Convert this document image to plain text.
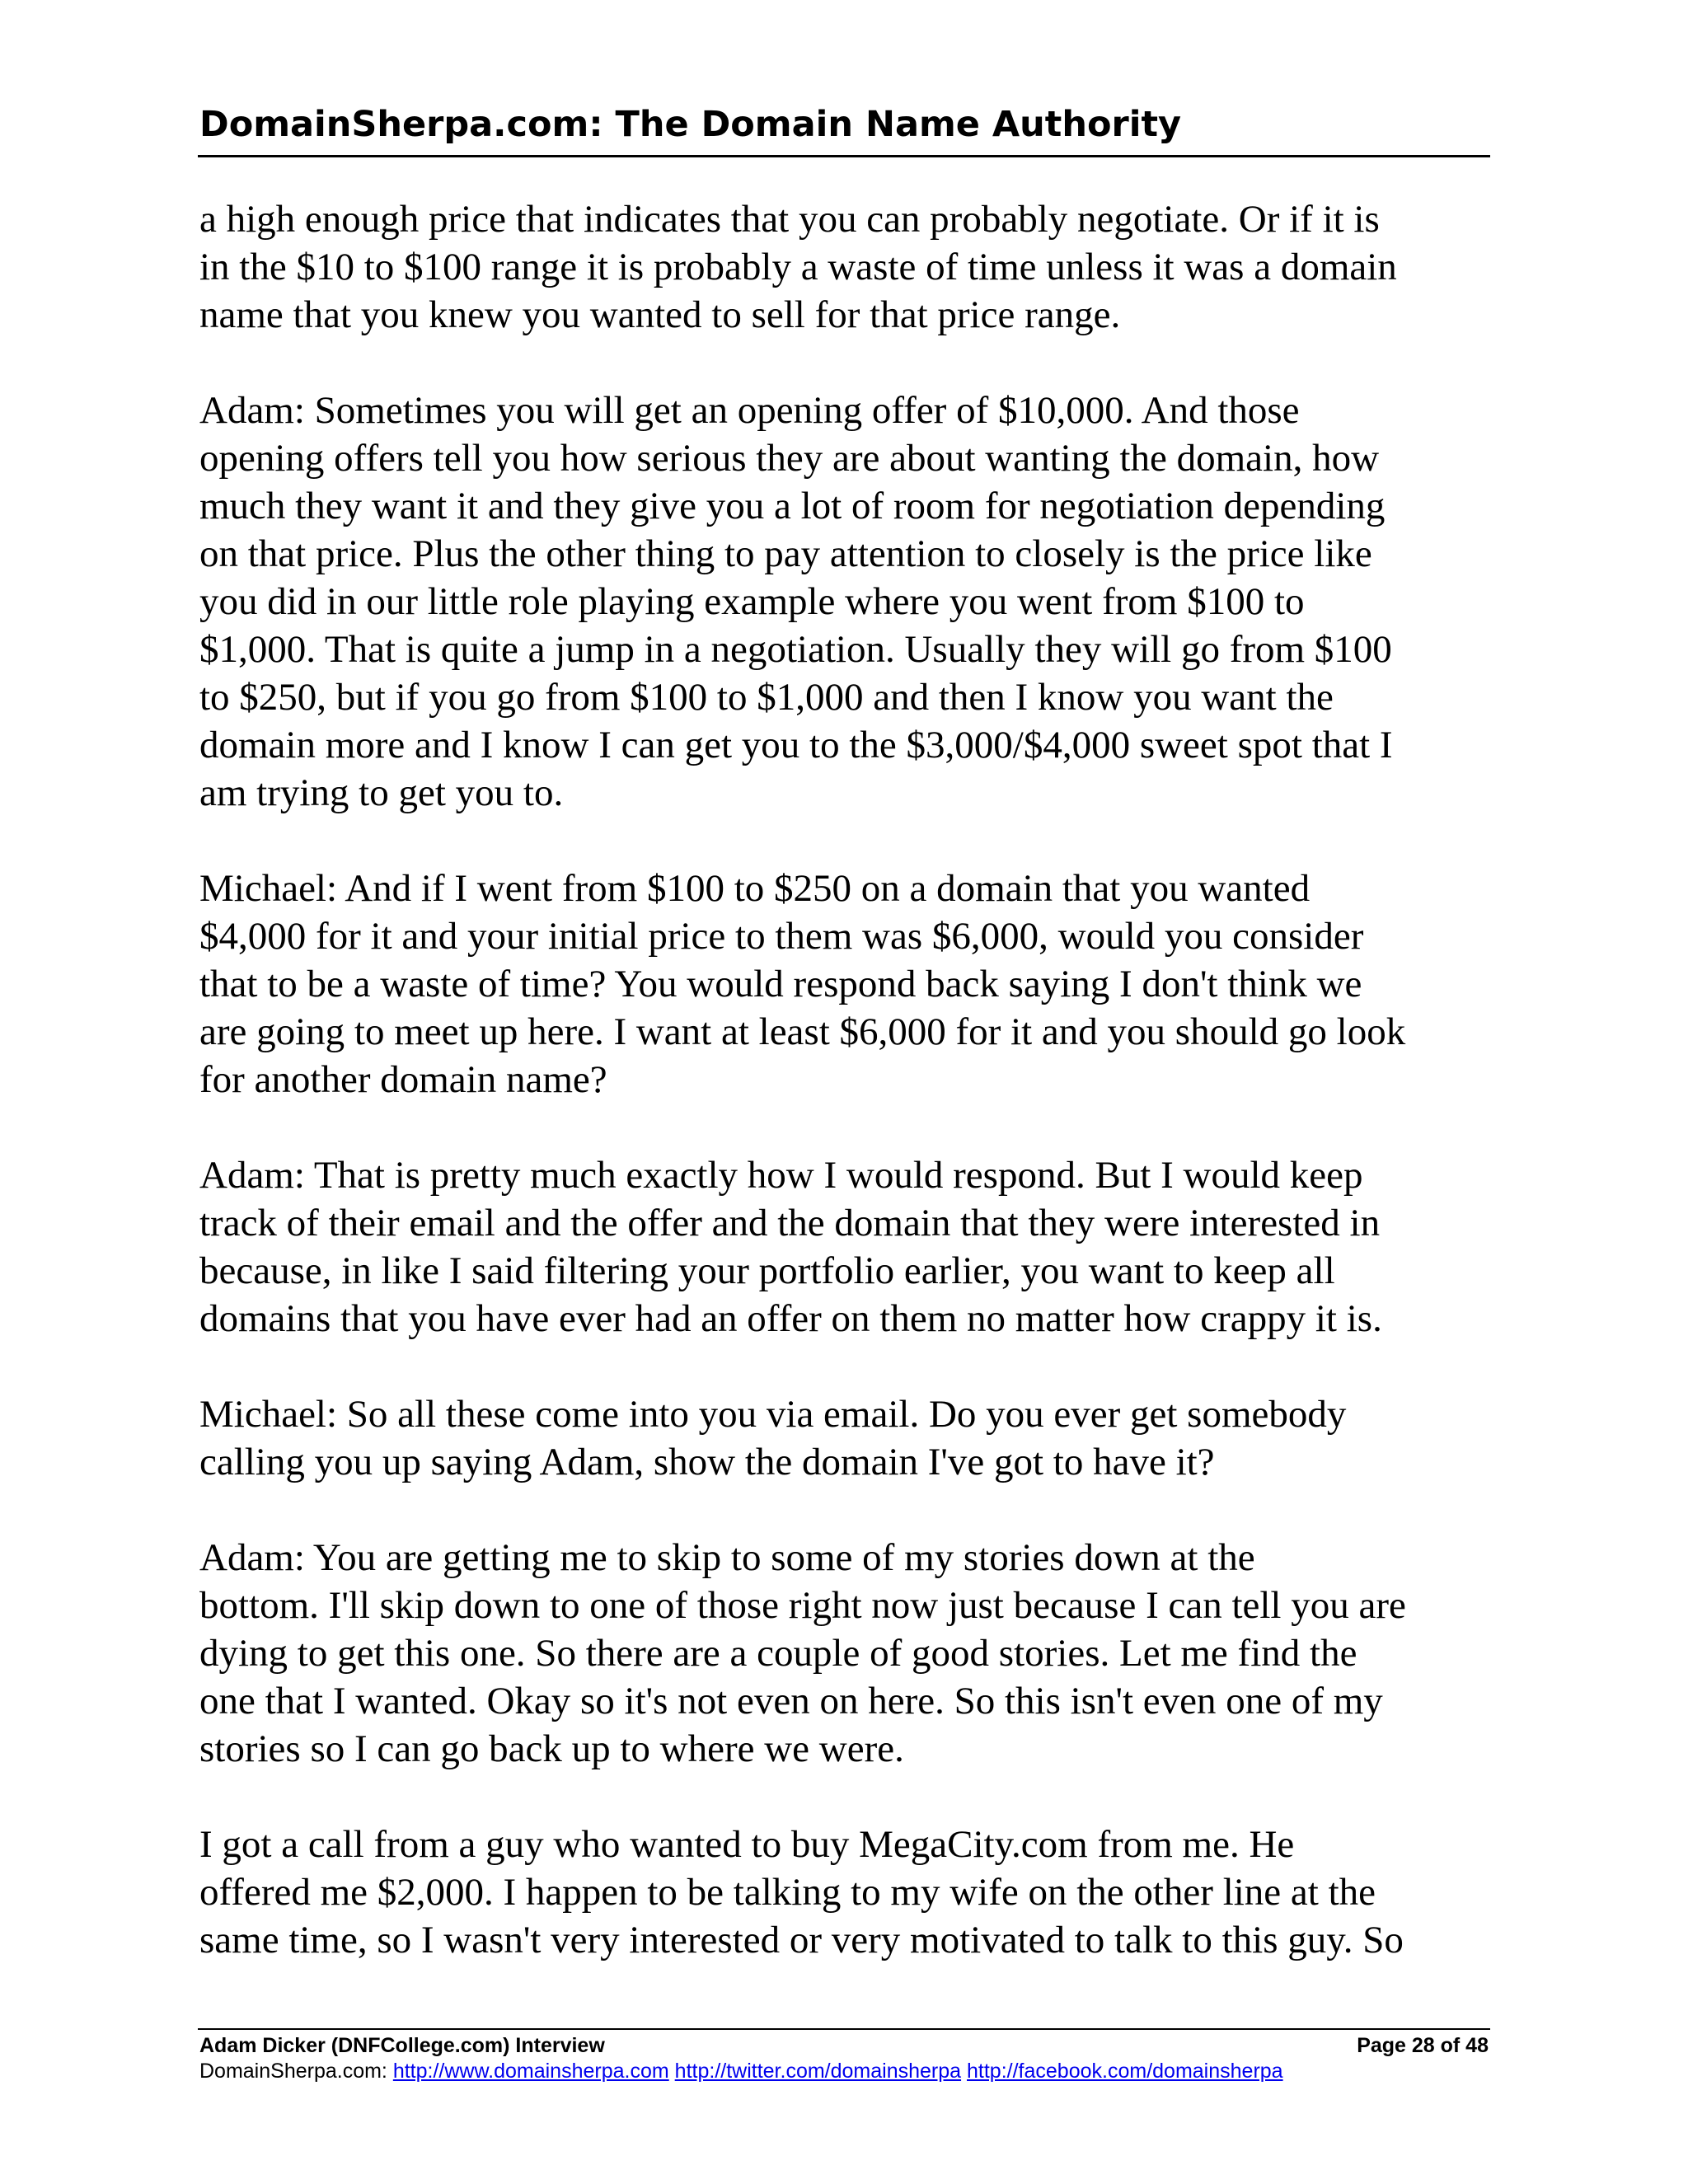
DomainSherpa.com: The Domain Name Authority

a high enough price that indicates that you can probably negotiate. Or if it is
in the $10 to $100 range it is probably a waste of time unless it was a domain
name that you knew you wanted to sell for that price range.

Adam: Sometimes you will get an opening offer of $10,000. And those
opening offers tell you how serious they are about wanting the domain, how
much they want it and they give you a lot of room for negotiation depending
on that price. Plus the other thing to pay attention to closely is the price like
you did in our little role playing example where you went from $100 to
$1,000. That is quite a jump in a negotiation. Usually they will go from $100
to $250, but if you go from $100 to $1,000 and then I know you want the
domain more and I know I can get you to the $3,000/$4,000 sweet spot that I
am trying to get you to.

Michael: And if I went from $100 to $250 on a domain that you wanted
$4,000 for it and your initial price to them was $6,000, would you consider
that to be a waste of time? You would respond back saying I don't think we
are going to meet up here. I want at least $6,000 for it and you should go look
for another domain name?

Adam: That is pretty much exactly how I would respond. But I would keep
track of their email and the offer and the domain that they were interested in
because, in like I said filtering your portfolio earlier, you want to keep all
domains that you have ever had an offer on them no matter how crappy it is.

Michael: So all these come into you via email. Do you ever get somebody
calling you up saying Adam, show the domain I've got to have it?

Adam: You are getting me to skip to some of my stories down at the
bottom. I'll skip down to one of those right now just because I can tell you are
dying to get this one. So there are a couple of good stories. Let me find the
one that I wanted. Okay so it's not even on here. So this isn't even one of my
stories so I can go back up to where we were.

I got a call from a guy who wanted to buy MegaCity.com from me. He
offered me $2,000. I happen to be talking to my wife on the other line at the
same time, so I wasn't very interested or very motivated to talk to this guy. So

Adam Dicker (DNFCollege.com) Interview	Page 28 of 48
DomainSherpa.com: http://www.domainsherpa.com http://twitter.com/domainsherpa http://facebook.com/domainsherpa
